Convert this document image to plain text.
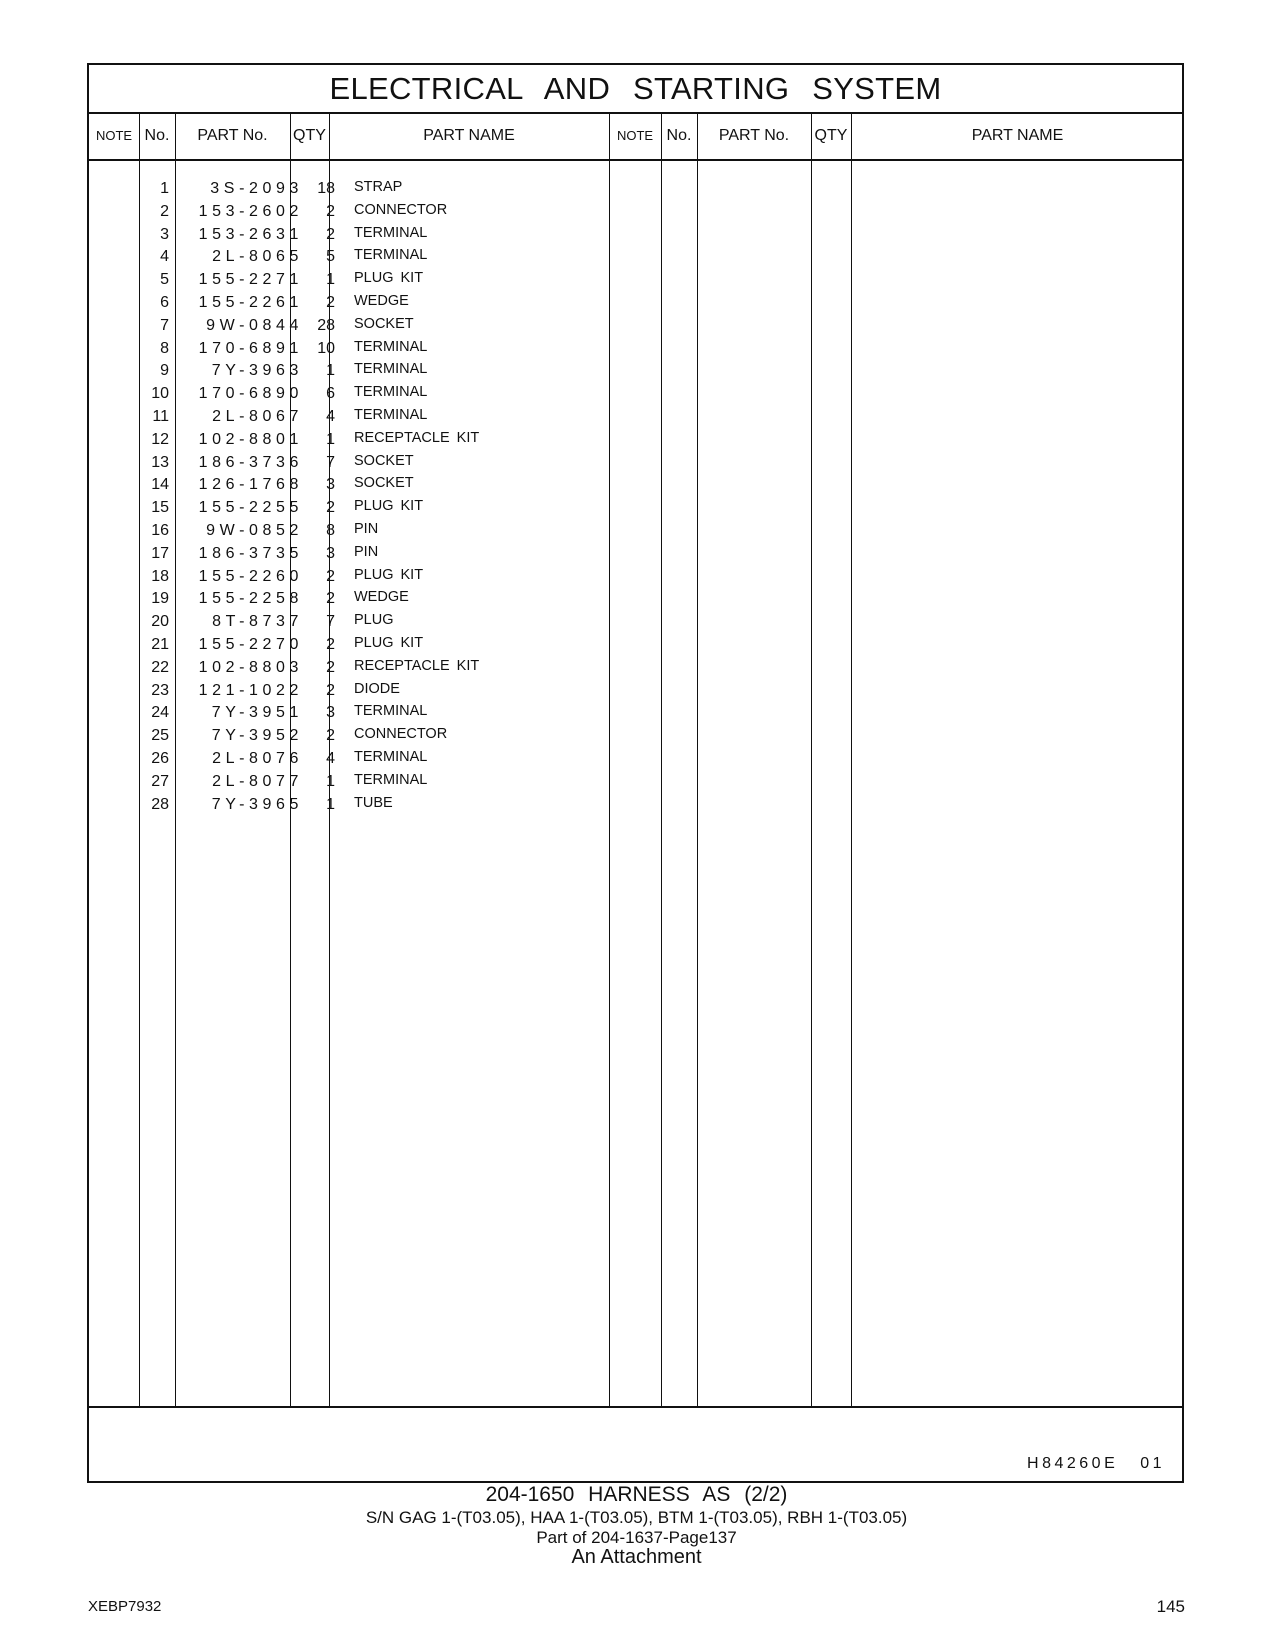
ELECTRICAL AND STARTING SYSTEM
NOTE No.	PART No.	QTY	PART NAME	NOTE No.	PART No.	QTY	PART NAME
1	3S-2093 18 STRAP
2 153-2602	2 CONNECTOR
3 153-2631	2 TERMINAL
4	2L-8065	5 TERMINAL
5 155-2271	1 PLUG KIT
6 155-2261	2 WEDGE
7	9W-0844 28 SOCKET
8 170-6891 10 TERMINAL
9	7Y-3963	1 TERMINAL
10 170-6890	6 TERMINAL
11	2L-8067	4 TERMINAL
12 102-8801	1 RECEPTACLE KIT
13 186-3736	7 SOCKET
14 126-1768	3 SOCKET
15 155-2255	2 PLUG KIT
16	9W-0852	8 PIN
17 186-3735	3 PIN
18 155-2260	2 PLUG KIT
19 155-2258	2 WEDGE
20	8T-8737	7 PLUG
21 155-2270	2 PLUG KIT
22 102-8803	2 RECEPTACLE KIT
23 121-1022	2 DIODE
24	7Y-3951	3 TERMINAL
25	7Y-3952	2 CONNECTOR
26	2L-8076	4 TERMINAL
27	2L-8077	1 TERMINAL
28	7Y-3965	1 TUBE
H84260E 01
204-1650 HARNESS AS (2/2)
S/N GAG 1-(T03.05), HAA 1-(T03.05), BTM 1-(T03.05), RBH 1-(T03.05)
Part of 204-1637-Page137
An Attachment
XEBP7932	145
